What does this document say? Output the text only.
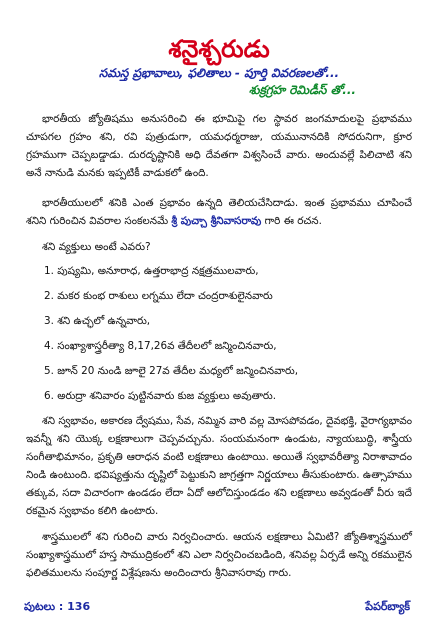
శనైశ్చరుడు
సమస్త ప్రభావాలు, ఫలితాలు - పూర్తి వివరణలతో...
శుక్రగ్రహ రెమిడీస్ తో...

భారతీయ జ్యోతిషము అనుసరించి ఈ భూమిపై గల స్థావర జంగమాదులపై ప్రభావము చూపగల గ్రహం శని, రవి పుత్రుడుగా, యమధర్మరాజు, యమునానదికి సోదరునిగా, క్రూర గ్రహముగా చెప్పబడ్డాడు. దురదృష్టానికి అధి దేవతగా విశ్వసించే వారు. అందువల్లే పిలిచాటి శని అనే నానుడి మనకు ఇప్పటికీ వాడుకలో ఉంది.

భారతీయులలో శనికి ఎంత ప్రభావం ఉన్నది తెలియచేసిదాడు. ఇంత ప్రభావము చూపించే శనిని గురించిన వివరాల సంకలనమే శ్రీ పుచ్చా శ్రీనివాసరావు గారి ఈ రచన.

శని వ్యక్తులు అంటే ఎవరు?
1. పుష్యమి, అనూరాధ, ఉత్తరాభాద్ర నక్షత్రములవారు,
2. మకర కుంభ రాశులు లగ్నము లేదా చంద్రరాశులైనవారు
3. శని ఉచ్ఛలో ఉన్నవారు,
4. సంఖ్యాశాస్త్రరీత్యా 8,17,26వ తేదీలలో జన్మించినవారు,
5. జూన్ 20 నుండి జూలై 27వ తేదీల మధ్యలో జన్మించినవారు,
6. అరుద్రా శనివారం పుట్టినవారు కుజ వ్యక్తులు అవుతారు.

శని స్వభావం, అకారణ ద్వేషము, సేవ, నమ్మిన వారి వల్ల మోసపోవడం, దైవభక్తి, వైరాగ్యభావం ఇవన్నీ శని యొక్క లక్షణాలుగా చెప్పవచ్చును. సంయమనంగా ఉండుట, న్యాయబుద్ధి, శాస్త్రీయ సంగీతాభిమానం, ప్రకృతి ఆరాధన వంటి లక్షణాలు ఉంటాయి. అయితే స్వభావరీత్యా నిరాశావాదం నిండి ఉంటుంది. భవిష్యత్తును దృష్టిలో పెట్టుకుని జాగ్రత్తగా నిర్ణయాలు తీసుకుంటారు. ఉత్సాహము తక్కువ, సదా విచారంగా ఉండడం లేదా ఏదో ఆలోచిస్తుండడం శని లక్షణాలు అవ్వడంతో వీరు ఇదే రకమైన స్వభావం కలిగి ఉంటారు.

శాస్త్రములలో శని గురించి వారు నిర్వచించారు. ఆయన లక్షణాలు ఏమిటి? జ్యోతిశ్శాస్త్రములో సంఖ్యాశాస్త్రములో హస్త సాముద్రికంలో శని ఎలా నిర్వచించబడింది, శనివల్ల ఏర్పడే అన్ని రకములైన ఫలితములను సంపూర్ణ విశ్లేషణను అందించారు శ్రీనివాసరావు గారు.

పుటలు : 136	పేపర్‌బ్యాక్
